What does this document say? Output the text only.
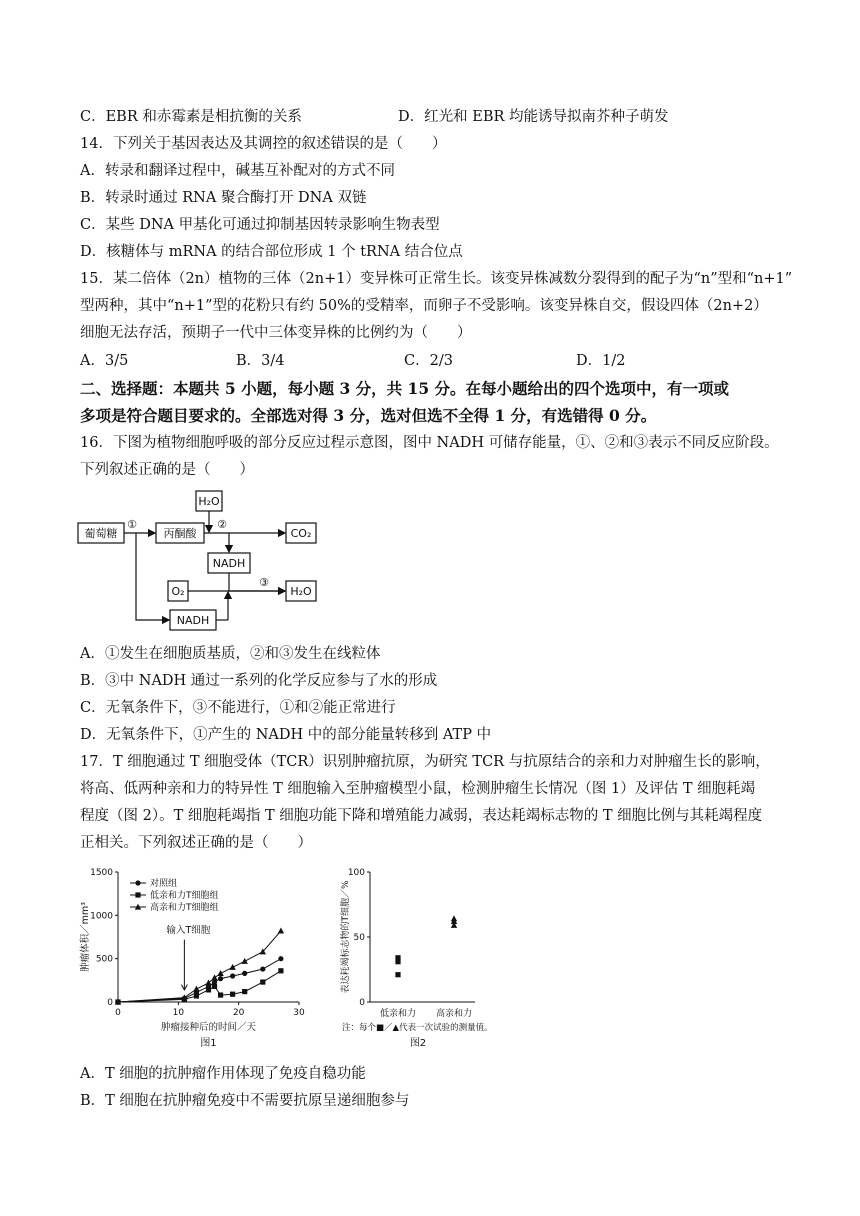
C．EBR 和赤霉素是相抗衡的关系	D．红光和 EBR 均能诱导拟南芥种子萌发
14．下列关于基因表达及其调控的叙述错误的是（　　）
A．转录和翻译过程中，碱基互补配对的方式不同
B．转录时通过 RNA 聚合酶打开 DNA 双链
C．某些 DNA 甲基化可通过抑制基因转录影响生物表型
D．核糖体与 mRNA 的结合部位形成 1 个 tRNA 结合位点
15．某二倍体（2n）植物的三体（2n+1）变异株可正常生长。该变异株减数分裂得到的配子为“n”型和“n+1”
型两种，其中“n+1”型的花粉只有约 50%的受精率，而卵子不受影响。该变异株自交，假设四体（2n+2）
细胞无法存活，预期子一代中三体变异株的比例约为（　　）
A．3/5	B．3/4	C．2/3	D．1/2
二、选择题：本题共 5 小题，每小题 3 分，共 15 分。在每小题给出的四个选项中，有一项或
多项是符合题目要求的。全部选对得 3 分，选对但选不全得 1 分，有选错得 0 分。
16．下图为植物细胞呼吸的部分反应过程示意图，图中 NADH 可储存能量，①、②和③表示不同反应阶段。
下列叙述正确的是（　　）
葡萄糖	丙酮酸
H₂O
CO₂
NADH
O₂	H₂O
NADH
①	②
③
A．①发生在细胞质基质，②和③发生在线粒体
B．③中 NADH 通过一系列的化学反应参与了水的形成
C．无氧条件下，③不能进行，①和②能正常进行
D．无氧条件下，①产生的 NADH 中的部分能量转移到 ATP 中
17．T 细胞通过 T 细胞受体（TCR）识别肿瘤抗原，为研究 TCR 与抗原结合的亲和力对肿瘤生长的影响，
将高、低两种亲和力的特异性 T 细胞输入至肿瘤模型小鼠，检测肿瘤生长情况（图 1）及评估 T 细胞耗竭
程度（图 2）。T 细胞耗竭指 T 细胞功能下降和增殖能力减弱，表达耗竭标志物的 T 细胞比例与其耗竭程度
正相关。下列叙述正确的是（　　）
0	10	20	30
0
500
1000
1500
对照组
低亲和力T细胞组
高亲和力T细胞组
肿瘤体积／mm³
肿瘤接种后的时间／天
图1
输入T细胞
0
50
100
低亲和力 高亲和力
表达耗竭标志物的T细胞／%
注：每个■／▲代表一次试验的测量值。
图2
A．T 细胞的抗肿瘤作用体现了免疫自稳功能
B．T 细胞在抗肿瘤免疫中不需要抗原呈递细胞参与
